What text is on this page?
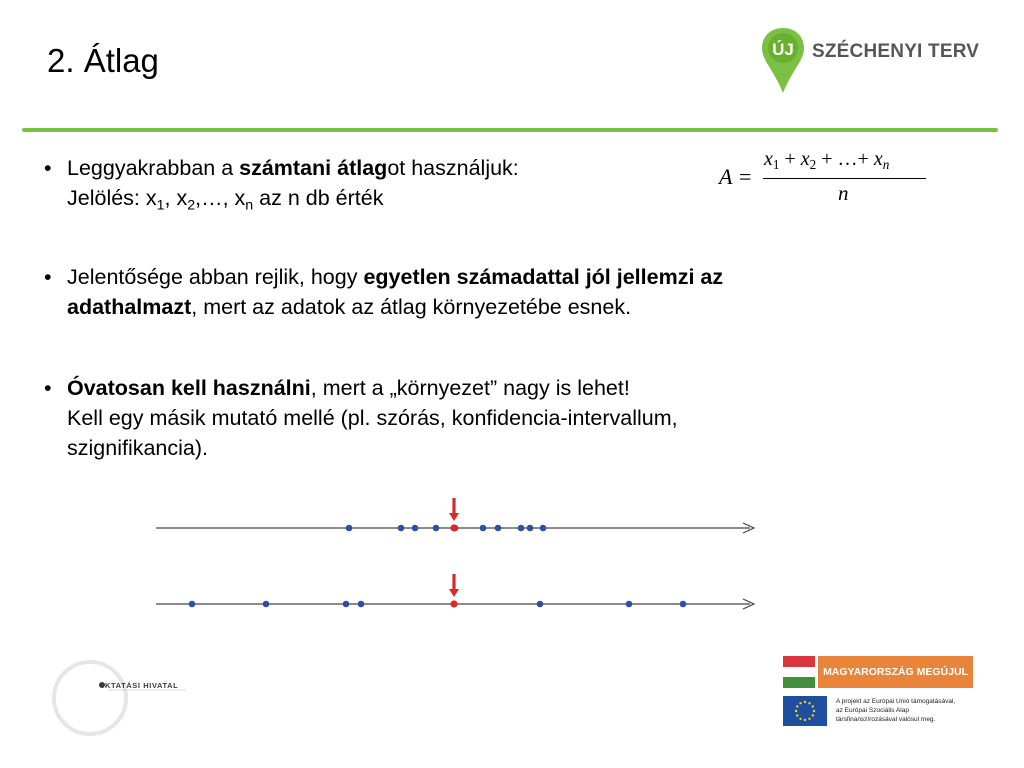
2. Átlag	ÚJ SZÉCHENYI TERV
• Leggyakrabban a számtani átlagot használjuk:
Jelölés: $x_1$, $x_2,\dots$, $x_n$ az n db érték
A =
$x_1 + x_2$ + …+ $x_n$
n
• Jelentősége abban rejlik, hogy egyetlen számadattal jól jellemzi az
adathalmazt, mert az adatok az átlag környezetébe esnek.
• Óvatosan kell használni, mert a „környezet” nagy is lehet!
Kell egy másik mutató mellé (pl. szórás, konfidencia-intervallum,
szignifikancia).
KTATÁSI HIVATAL
MAGYARORSZÁG MEGÚJUL
A projekt az Európai Unió támogatásával,
az Európai Szociális Alap
társfinanszírozásával valósul meg.
